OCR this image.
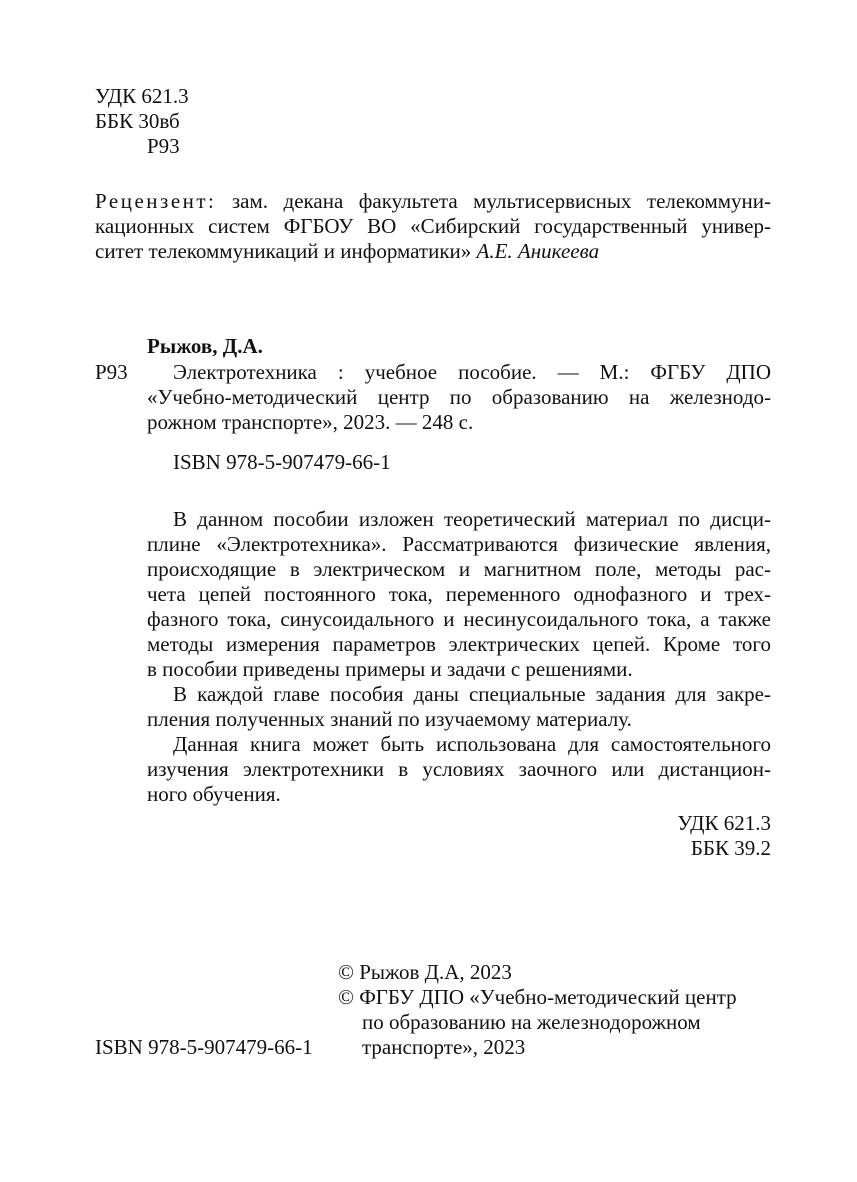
УДК 621.3
ББК 30вб
Р93
Рецензент: зам. декана факультета мультисервисных телекоммуни-
кационных систем ФГБОУ ВО «Сибирский государственный универ-
ситет телекоммуникаций и информатики» А.Е. Аникеева
Рыжов, Д.А.
Р93	Электротехника : учебное пособие. — М.: ФГБУ ДПО
«Учебно-методический центр по образованию на железнодо-
рожном транспорте», 2023. — 248 с.
ISBN 978-5-907479-66-1
В данном пособии изложен теоретический материал по дисци-
плине «Электротехника». Рассматриваются физические явления,
происходящие в электрическом и магнитном поле, методы рас-
чета цепей постоянного тока, переменного однофазного и трех-
фазного тока, синусоидального и несинусоидального тока, а также
методы измерения параметров электрических цепей. Кроме того
в пособии приведены примеры и задачи с решениями.
В каждой главе пособия даны специальные задания для закре-
пления полученных знаний по изучаемому материалу.
Данная книга может быть использована для самостоятельного
изучения электротехники в условиях заочного или дистанцион-
ного обучения.
УДК 621.3
ББК 39.2
© Рыжов Д.А, 2023
© ФГБУ ДПО «Учебно-методический центр
по образованию на железнодорожном
транспорте», 2023
ISBN 978-5-907479-66-1
